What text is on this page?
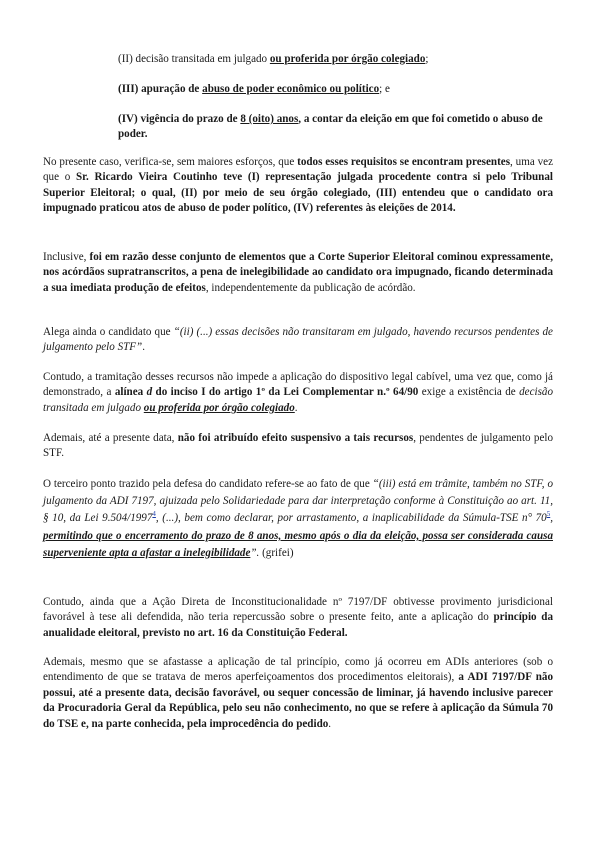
(II) decisão transitada em julgado ou proferida por órgão colegiado;

(III) apuração de abuso de poder econômico ou político; e

(IV) vigência do prazo de 8 (oito) anos, a contar da eleição em que foi cometido o abuso de poder.

No presente caso, verifica-se, sem maiores esforços, que todos esses requisitos se encontram presentes, uma vez que o Sr. Ricardo Vieira Coutinho teve (I) representação julgada procedente contra si pelo Tribunal Superior Eleitoral; o qual, (II) por meio de seu órgão colegiado, (III) entendeu que o candidato ora impugnado praticou atos de abuso de poder político, (IV) referentes às eleições de 2014.

Inclusive, foi em razão desse conjunto de elementos que a Corte Superior Eleitoral cominou expressamente, nos acórdãos supratranscritos, a pena de inelegibilidade ao candidato ora impugnado, ficando determinada a sua imediata produção de efeitos, independentemente da publicação de acórdão.

Alega ainda o candidato que “(ii) (...) essas decisões não transitaram em julgado, havendo recursos pendentes de julgamento pelo STF”.

Contudo, a tramitação desses recursos não impede a aplicação do dispositivo legal cabível, uma vez que, como já demonstrado, a alínea d do inciso I do artigo 1º da Lei Complementar n.º 64/90 exige a existência de decisão transitada em julgado ou proferida por órgão colegiado.

Ademais, até a presente data, não foi atribuído efeito suspensivo a tais recursos, pendentes de julgamento pelo STF.

O terceiro ponto trazido pela defesa do candidato refere-se ao fato de que “(iii) está em trâmite, também no STF, o julgamento da ADI 7197, ajuizada pelo Solidariedade para dar interpretação conforme à Constituição ao art. 11, § 10, da Lei 9.504/1997$^4$, (...), bem como declarar, por arrastamento, a inaplicabilidade da Súmula-TSE n° $70^5$, permitindo que o encerramento do prazo de 8 anos, mesmo após o dia da eleição, possa ser considerada causa superveniente apta a afastar a inelegibilidade”. (grifei)

Contudo, ainda que a Ação Direta de Inconstitucionalidade nº 7197/DF obtivesse provimento jurisdicional favorável à tese ali defendida, não teria repercussão sobre o presente feito, ante a aplicação do princípio da anualidade eleitoral, previsto no art. 16 da Constituição Federal.

Ademais, mesmo que se afastasse a aplicação de tal princípio, como já ocorreu em ADIs anteriores (sob o entendimento de que se tratava de meros aperfeiçoamentos dos procedimentos eleitorais), a ADI 7197/DF não possui, até a presente data, decisão favorável, ou sequer concessão de liminar, já havendo inclusive parecer da Procuradoria Geral da República, pelo seu não conhecimento, no que se refere à aplicação da Súmula 70 do TSE e, na parte conhecida, pela improcedência do pedido.
